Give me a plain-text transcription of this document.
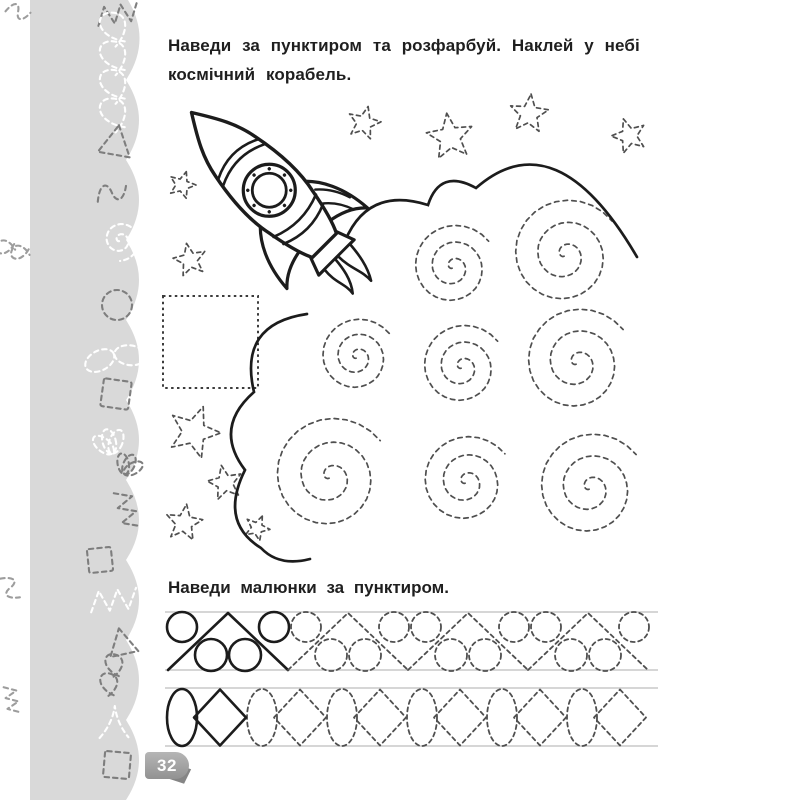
Наведи за пунктиром та розфарбуй. Наклей у небі
космічний корабель.
Наведи малюнки за пунктиром.
32
